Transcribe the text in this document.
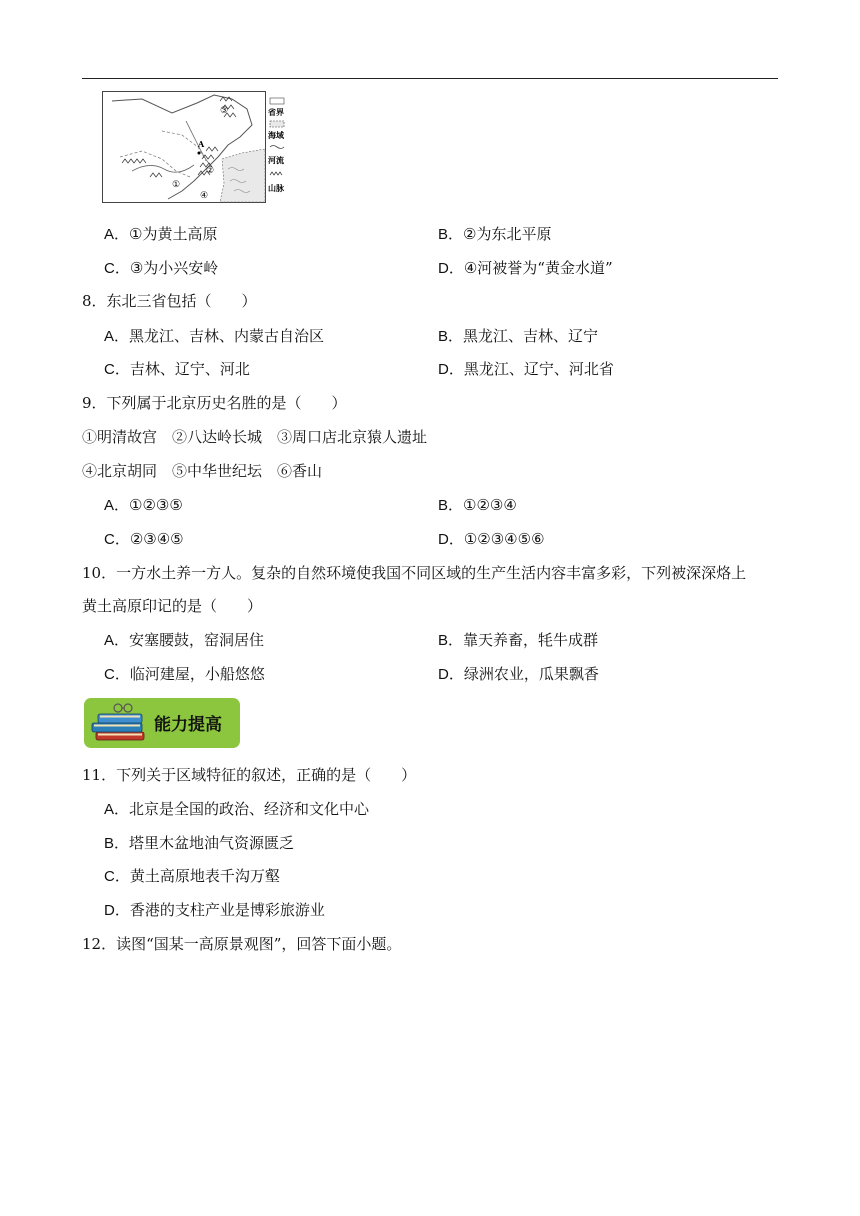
③
A
②
①
④
省界
海域
河流
山脉
A．①为黄土高原	B．②为东北平原
C．③为小兴安岭	D．④河被誉为“黄金水道”
8．东北三省包括（　　）
A．黑龙江、吉林、内蒙古自治区	B．黑龙江、吉林、辽宁
C．吉林、辽宁、河北	D．黑龙江、辽宁、河北省
9．下列属于北京历史名胜的是（　　）
①明清故宫　②八达岭长城　③周口店北京猿人遗址
④北京胡同　⑤中华世纪坛　⑥香山
A．①②③⑤	B．①②③④
C．②③④⑤	D．①②③④⑤⑥
10．一方水土养一方人。复杂的自然环境使我国不同区域的生产生活内容丰富多彩，下列被深深烙上
黄土高原印记的是（　　）
A．安塞腰鼓，窑洞居住	B．靠天养畜，牦牛成群
C．临河建屋，小船悠悠	D．绿洲农业，瓜果飘香
能力提高
11．下列关于区域特征的叙述，正确的是（　　）
A．北京是全国的政治、经济和文化中心
B．塔里木盆地油气资源匮乏
C．黄土高原地表千沟万壑
D．香港的支柱产业是博彩旅游业
12．读图“国某一高原景观图”，回答下面小题。
